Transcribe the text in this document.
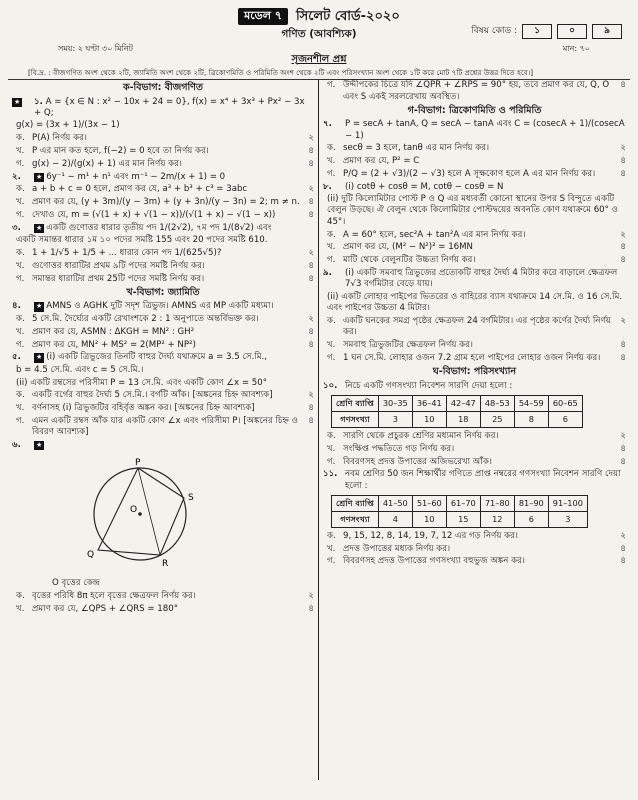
মডেল ৭	সিলেট বোর্ড-২০২০
গণিত (আবশ্যিক)	বিষয় কোড :	১	০	৯
সময়: ২ ঘণ্টা ৩০ মিনিট	মান: ৭০
সৃজনশীল প্রশ্ন
[বি.দ্র. : বীজগণিত অংশ থেকে ২টি, জ্যামিতি অংশ থেকে ২টি, ত্রিকোণমিতি ও পরিমিতি অংশ থেকে ২টি এবং পরিসংখ্যান অংশ থেকে ১টি করে মোট ৭টি প্রশ্নের উত্তর দিতে হবে।]
ক-বিভাগ: বীজগণিত
★	১. A = {x ∈ N : x² − 10x + 24 = 0}, f(x) = x⁴ + 3x³ + Px² − 3x + Q;
g(x) = (3x + 1)/(3x − 1)
ক. P(A) নির্ণয় কর।	২
খ. P এর মান কত হলে, f(−2) = 0 হবে তা নির্ণয় কর।	৪
গ. g(x) − 2)/(g(x) + 1) এর মান নির্ণয় কর।	৪
২.	★ 6y⁻¹ − m¹ + n¹ এবং m⁻¹ − 2m/(x + 1) = 0
ক. a + b + c = 0 হলে, প্রমাণ কর যে, a³ + b³ + c³ = 3abc	২
খ. প্রমাণ কর যে, (y + 3m)/(y − 3m) + (y + 3n)/(y − 3n) = 2; m ≠ n.	৪
গ. দেখাও যে, m = (√(1 + x) + √(1 − x))/(√(1 + x) − √(1 − x))	৪
৩.	★ একটি গুণোত্তর ধারার তৃতীয় পদ 1/(2√2), ৭ম পদ 1/(8√2) এবং
একটি সমান্তর ধারার ১ম ১০ পদের সমষ্টি 155 এবং 20 পদের সমষ্টি 610.
ক. 1 + 1/√5 + 1/5 + ... ধারার কোন পদ 1/(625√5)?	২
খ. গুণোত্তর ধারাটির প্রথম ৯টি পদের সমষ্টি নির্ণয় কর।	৪
গ. সমান্তর ধারাটির প্রথম 25টি পদের সমষ্টি নির্ণয় কর।	৪
খ-বিভাগ: জ্যামিতি
৪.	★ AMNS ও AGHK দুটি সদৃশ ত্রিভুজ। AMNS এর MP একটি মধ্যমা।
ক. 5 সে.মি. দৈর্ঘ্যের একটি রেখাংশকে 2 : 1 অনুপাতে অন্তর্বিভক্ত কর।	২
খ. প্রমাণ কর যে, ASMN : ΔKGH = MN² : GH²	৪
গ. প্রমাণ কর যে, MN² + MS² = 2(MP² + NP²)	৪
৫.	★ (i) একটি ত্রিভুজের তিনটি বাহুর দৈর্ঘ্য যথাক্রমে a = 3.5 সে.মি.,
b = 4.5 সে.মি. এবং c = 5 সে.মি.।
(ii) একটি রম্বসের পরিসীমা P = 13 সে.মি. এবং একটি কোণ ∠x = 50°
ক. একটি বর্গের বাহুর দৈর্ঘ্য 5 সে.মি.। বর্গটি আঁক। [অঙ্কনের চিহ্ন আবশ্যক]	২
খ. বর্ণনাসহ (i) ত্রিভুজটির বহির্বৃত্ত অঙ্কন কর। [অঙ্কনের চিহ্ন আবশ্যক]	৪
গ. এমন একটি রম্বস আঁক যার একটি কোণ ∠x এবং পরিসীমা P। [অঙ্কনের চিহ্ন ও বিবরণ আবশ্যক]
৪
৬.	★
P
S
R
Q
O
O বৃত্তের কেন্দ্র
ক. বৃত্তের পরিধি 8π হলে বৃত্তের ক্ষেত্রফল নির্ণয় কর।	২
খ. প্রমাণ কর যে, ∠QPS + ∠QRS = 180°	৪
গ. উদ্দীপকের চিত্রে যদি ∠QPR + ∠RPS = 90° হয়, তবে প্রমাণ কর যে, Q, O এবং S একই সরলরেখায় অবস্থিত।
৪
গ-বিভাগ: ত্রিকোণমিতি ও পরিমিতি
৭.	P = secA + tanA, Q = secA − tanA এবং C = (cosecA + 1)/(cosecA − 1)
ক. secθ = 3 হলে, tanθ এর মান নির্ণয় কর।	২
খ. প্রমাণ কর যে, P² = C	৪
গ. P/Q = (2 + √3)/(2 − √3) হলে A সূক্ষকোণ হলে A এর মান নির্ণয় কর।	৪
৮.	(i) cotθ + cosθ = M, cotθ − cosθ = N
(ii) দুটি কিলোমিটার পোস্ট P ও Q এর মধ্যবর্তী কোনো স্থানের উপর S বিন্দুতে একটি বেলুন উড়ছে। ঐ বেলুন থেকে কিলোমিটার পোস্টদ্বয়ের অবনতি কোণ যথাক্রমে 60° ও 45°।
ক. A = 60° হলে, sec²A + tan²A এর মান নির্ণয় কর।	২
খ. প্রমাণ কর যে, (M² − N²)² = 16MN	৪
গ. মাটি থেকে বেলুনটির উচ্চতা নির্ণয় কর।	৪
৯.	(i) একটি সমবাহু ত্রিভুজের প্রত্যেকটি বাহুর দৈর্ঘ্য 4 মিটার করে বাড়ালে ক্ষেত্রফল 7√3 বর্গমিটার বেড়ে যায়।
(ii) একটি লোহার পাইপের ভিতরের ও বাহিরের ব্যাস যথাক্রমে 14 সে.মি. ও 16 সে.মি. এবং পাইপের উচ্চতা 4 মিটার।
ক. একটি ঘনকের সমগ্র পৃষ্ঠের ক্ষেত্রফল 24 বর্গমিটার। এর পৃষ্ঠের কর্ণের দৈর্ঘ্য নির্ণয় কর।
২
খ. সমবাহু ত্রিভুজটির ক্ষেত্রফল নির্ণয় কর।	৪
গ. 1 ঘন সে.মি. লোহার ওজন 7.2 গ্রাম হলে পাইপের লোহার ওজন নির্ণয় কর।	৪
ঘ-বিভাগ: পরিসংখ্যান
১০. নিচে একটি গণসংখ্যা নিবেশন সারণি দেয়া হলো :
শ্রেণি ব্যাপ্তি	30–35	36–41	42–47	48–53	54–59	60–65
গণসংখ্যা	3	10	18	25	8	6
ক. সারণি থেকে প্রচুরক শ্রেণির মধ্যমান নির্ণয় কর।	২
খ. সংক্ষিপ্ত পদ্ধতিতে গড় নির্ণয় কর।	৪
গ. বিবরণসহ প্রদত্ত উপাত্তের অজিভরেখা আঁক।	৪
১১. নবম শ্রেণির 50 জন শিক্ষার্থীর গণিতে প্রাপ্ত নম্বরের গণসংখ্যা নিবেশন সারণি দেয়া হলো :
শ্রেণি ব্যাপ্তি	41–50	51–60	61–70	71–80	81–90	91–100
গণসংখ্যা	4	10	15	12	6	3
ক. 9, 15, 12, 8, 14, 19, 7, 12 এর গড় নির্ণয় কর।	২
খ. প্রদত্ত উপাত্তের মধ্যক নির্ণয় কর।	৪
গ. বিবরণসহ প্রদত্ত উপাত্তের গণসংখ্যা বহুভুজ অঙ্কন কর।	৪
